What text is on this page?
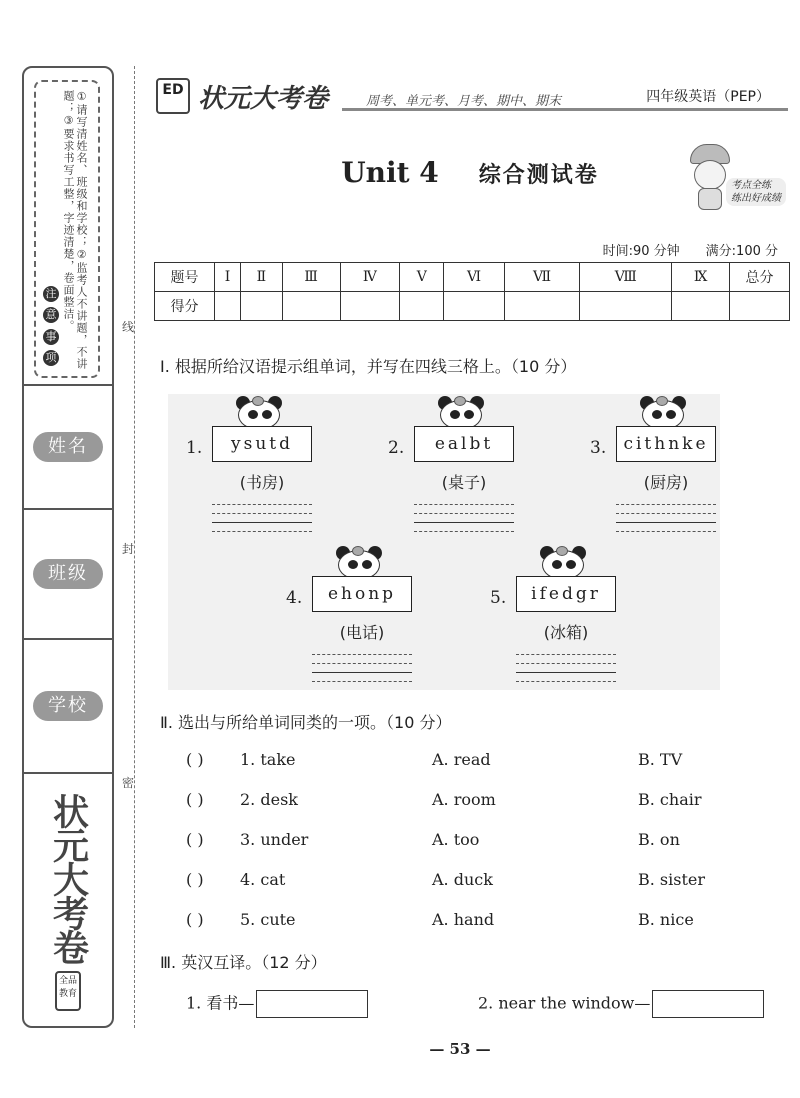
注
意
事
项	①请写清姓名、班级和学校；②监考人不讲题，不讲题；③要求书写工整，字迹清楚，卷面整洁。
姓名
班级
学校
状元大考卷
全品教育
线
封
密
ED 状元大考卷	周考、单元考、月考、期中、期末	四年级英语（PEP）
Unit 4 综合测试卷	考点全练
练出好成绩
时间:90 分钟 满分:100 分
题号	Ⅰ	Ⅱ	Ⅲ	Ⅳ	Ⅴ	Ⅵ	Ⅶ	Ⅷ	Ⅸ	总分
得分										
Ⅰ. 根据所给汉语提示组单词，并写在四线三格上。（10 分）
1.	ysutd
(书房)
2.	ealbt
(桌子)
3.	cithnke
(厨房)
4.	ehonp
(电话)
5.	ifedgr
(冰箱)
Ⅱ. 选出与所给单词同类的一项。（10 分）
( ) 1. take	A. read	B. TV
( ) 2. desk	A. room	B. chair
( ) 3. under	A. too	B. on
( ) 4. cat	A. duck	B. sister
( ) 5. cute	A. hand	B. nice
Ⅲ. 英汉互译。（12 分）
1. 看书—	2. near the window—
— 53 —
